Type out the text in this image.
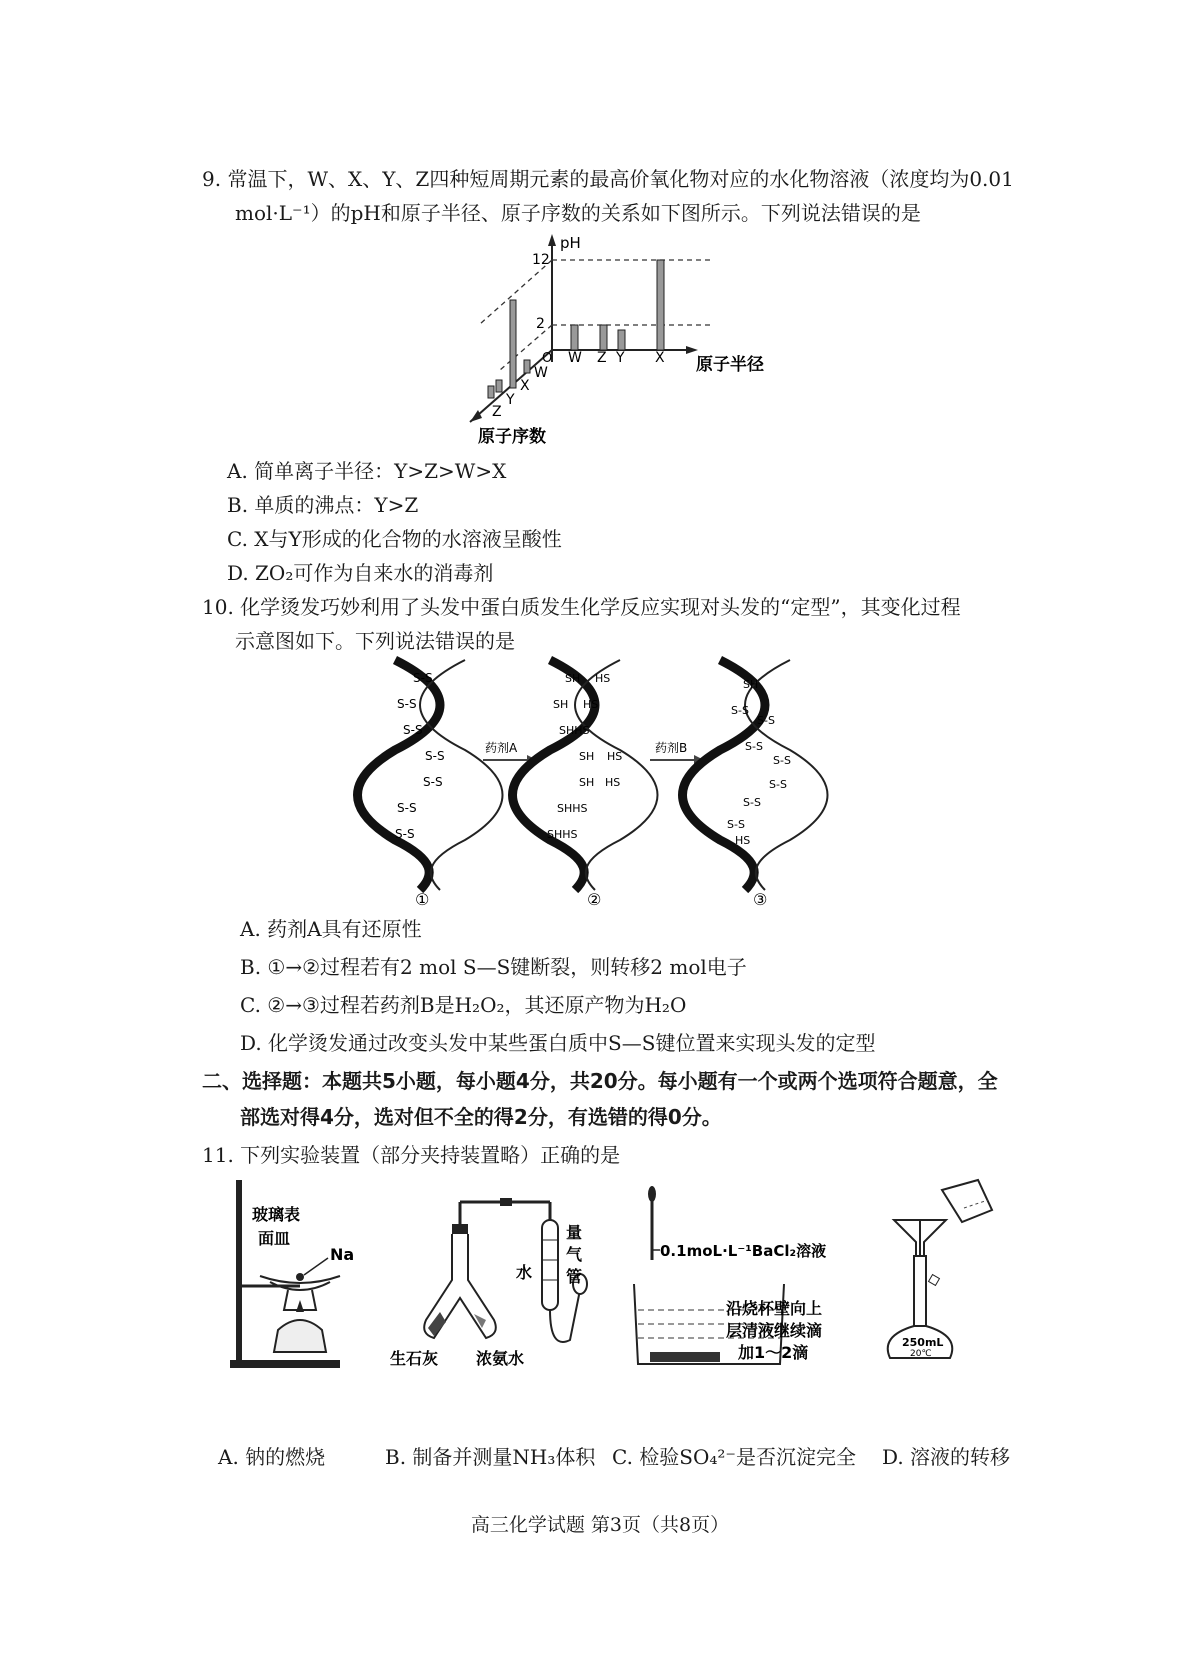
9. 常温下，W、X、Y、Z四种短周期元素的最高价氧化物对应的水化物溶液（浓度均为0.01
mol·L⁻¹）的pH和原子半径、原子序数的关系如下图所示。下列说法错误的是
pH
原子半径
原子序数
O
12
2
W Z Y X
W
X
Y
Z
A. 简单离子半径：Y>Z>W>X
B. 单质的沸点：Y>Z
C. X与Y形成的化合物的水溶液呈酸性
D. ZO₂可作为自来水的消毒剂
10. 化学烫发巧妙利用了头发中蛋白质发生化学反应实现对头发的“定型”，其变化过程
示意图如下。下列说法错误的是
S-S
S-S
S-S
S-S
S-S
S-S
S-S
①
药剂A
SH HS
SH HS
SHHS
SH HS
SH HS
SHHS
SHHS
②
药剂B
SH
S-S
S-S
S-S
S-S
S-S
S-S
S-S
HS
③
A. 药剂A具有还原性
B. ①→②过程若有2 mol S—S键断裂，则转移2 mol电子
C. ②→③过程若药剂B是H₂O₂，其还原产物为H₂O
D. 化学烫发通过改变头发中某些蛋白质中S—S键位置来实现头发的定型
二、选择题：本题共5小题，每小题4分，共20分。每小题有一个或两个选项符合题意，全
部选对得4分，选对但不全的得2分，有选错的得0分。
11. 下列实验装置（部分夹持装置略）正确的是
玻璃表
面皿
Na
水
量
气
管
生石灰 浓氨水
0.1moL·L⁻¹BaCl₂溶液
沿烧杯壁向上
层清液继续滴
加1～2滴
250mL
20℃
A. 钠的燃烧	B. 制备并测量NH₃体积 C. 检验SO₄²⁻是否沉淀完全 D. 溶液的转移
高三化学试题 第3页（共8页）
